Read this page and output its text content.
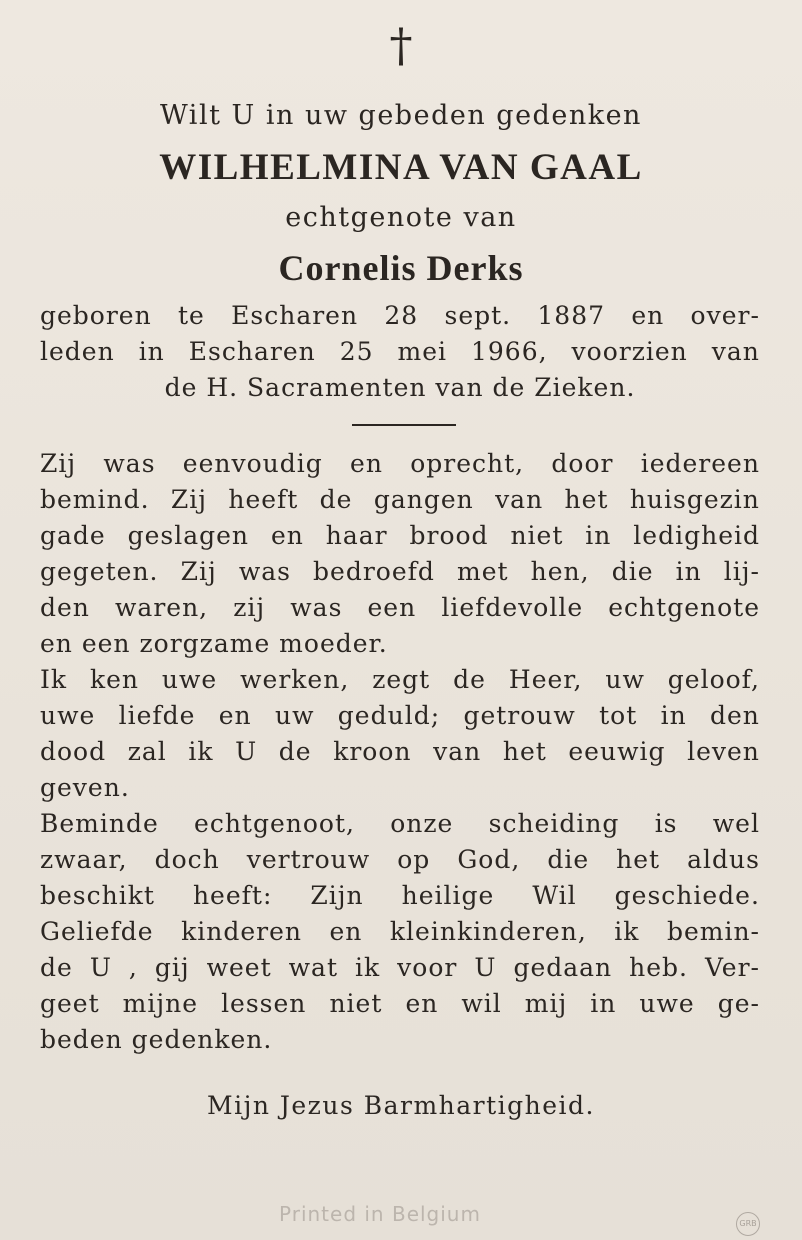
†
Wilt U in uw gebeden gedenken
WILHELMINA VAN GAAL
echtgenote van
Cornelis Derks
geboren te Escharen 28 sept. 1887 en over-
leden in Escharen 25 mei 1966, voorzien van
de H. Sacramenten van de Zieken.
Zij was eenvoudig en oprecht, door iedereen
bemind. Zij heeft de gangen van het huisgezin
gade geslagen en haar brood niet in ledigheid
gegeten. Zij was bedroefd met hen, die in lij-
den waren, zij was een liefdevolle echtgenote
en een zorgzame moeder.
Ik ken uwe werken, zegt de Heer, uw geloof,
uwe liefde en uw geduld; getrouw tot in den
dood zal ik U de kroon van het eeuwig leven
geven.
Beminde echtgenoot, onze scheiding is wel
zwaar, doch vertrouw op God, die het aldus
beschikt heeft: Zijn heilige Wil geschiede.
Geliefde kinderen en kleinkinderen, ik bemin-
de U , gij weet wat ik voor U gedaan heb. Ver-
geet mijne lessen niet en wil mij in uwe ge-
beden gedenken.
Mijn Jezus Barmhartigheid.
Printed in Belgium	GRB
